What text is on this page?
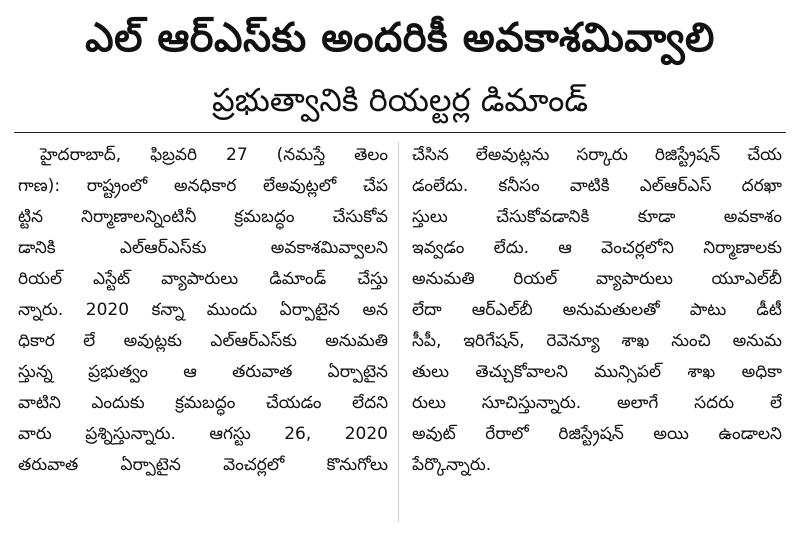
ఎల్ ఆర్ఎస్‌కు అందరికీ అవకాశమివ్వాలి
ప్రభుత్వానికి రియల్టర్ల డిమాండ్
హైదరాబాద్, ఫిబ్రవరి 27 (నమస్తే తెలం
గాణ): రాష్ట్రంలో అనధికార లేఅవుట్లలో చేప
ట్టిన నిర్మాణాలన్నింటినీ క్రమబద్ధం చేసుకోవ
డానికి ఎల్ఆర్ఎస్‌కు అవకాశమివ్వాలని
రియల్ ఎస్టేట్ వ్యాపారులు డిమాండ్ చేస్తు
న్నారు. 2020 కన్నా ముందు ఏర్పాటైన అన
ధికార లే అవుట్లకు ఎల్ఆర్ఎస్‌కు అనుమతి
స్తున్న ప్రభుత్వం ఆ తరువాత ఏర్పాటైన
వాటిని ఎందుకు క్రమబద్ధం చేయడం లేదని
వారు ప్రశ్నిస్తున్నారు. ఆగస్టు 26, 2020
తరువాత ఏర్పాటైన వెంచర్లలో కొనుగోలు
చేసిన లేఅవుట్లను సర్కారు రిజిస్ట్రేషన్ చేయ
డంలేదు. కనీసం వాటికి ఎల్ఆర్ఎస్ దరఖా
స్తులు చేసుకోవడానికి కూడా అవకాశం
ఇవ్వడం లేదు. ఆ వెంచర్లలోని నిర్మాణాలకు
అనుమతి రియల్ వ్యాపారులు యూఎల్‌బీ
లేదా ఆర్ఎల్‌బీ అనుమతులతో పాటు డీటీ
సీపీ, ఇరిగేషన్, రెవెన్యూ శాఖ నుంచి అనుమ
తులు తెచ్చుకోవాలని మున్సిపల్ శాఖ అధికా
రులు సూచిస్తున్నారు. అలాగే సదరు లే
అవుట్ రేరాలో రిజిస్ట్రేషన్ అయి ఉండాలని
పేర్కొన్నారు.
